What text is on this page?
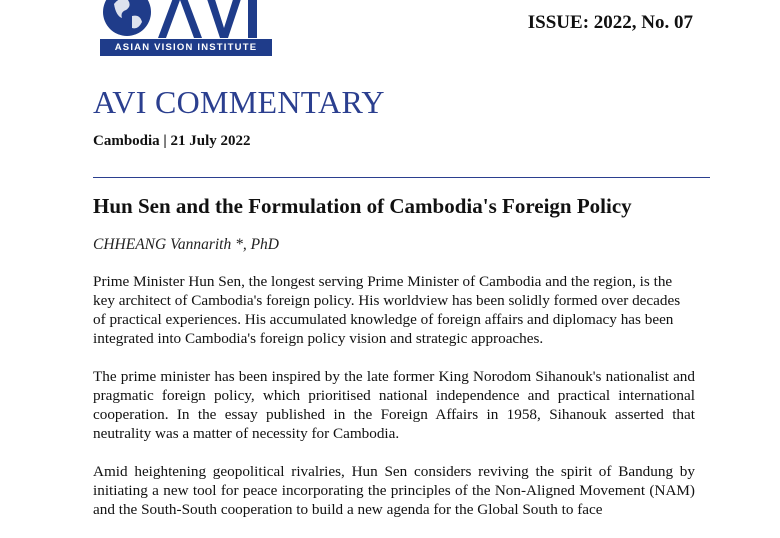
ASIAN VISION INSTITUTE
ISSUE: 2022, No. 07
AVI COMMENTARY
Cambodia | 21 July 2022
Hun Sen and the Formulation of Cambodia's Foreign Policy
CHHEANG Vannarith *, PhD

Prime Minister Hun Sen, the longest serving Prime Minister of Cambodia and the region, is the key architect of Cambodia's foreign policy. His worldview has been solidly formed over decades of practical experiences. His accumulated knowledge of foreign affairs and diplomacy has been integrated into Cambodia's foreign policy vision and strategic approaches.

The prime minister has been inspired by the late former King Norodom Sihanouk's nationalist and pragmatic foreign policy, which prioritised national independence and practical international cooperation. In the essay published in the Foreign Affairs in 1958, Sihanouk asserted that neutrality was a matter of necessity for Cambodia.

Amid heightening geopolitical rivalries, Hun Sen considers reviving the spirit of Bandung by initiating a new tool for peace incorporating the principles of the Non-Aligned Movement (NAM) and the South-South cooperation to build a new agenda for the Global South to face
